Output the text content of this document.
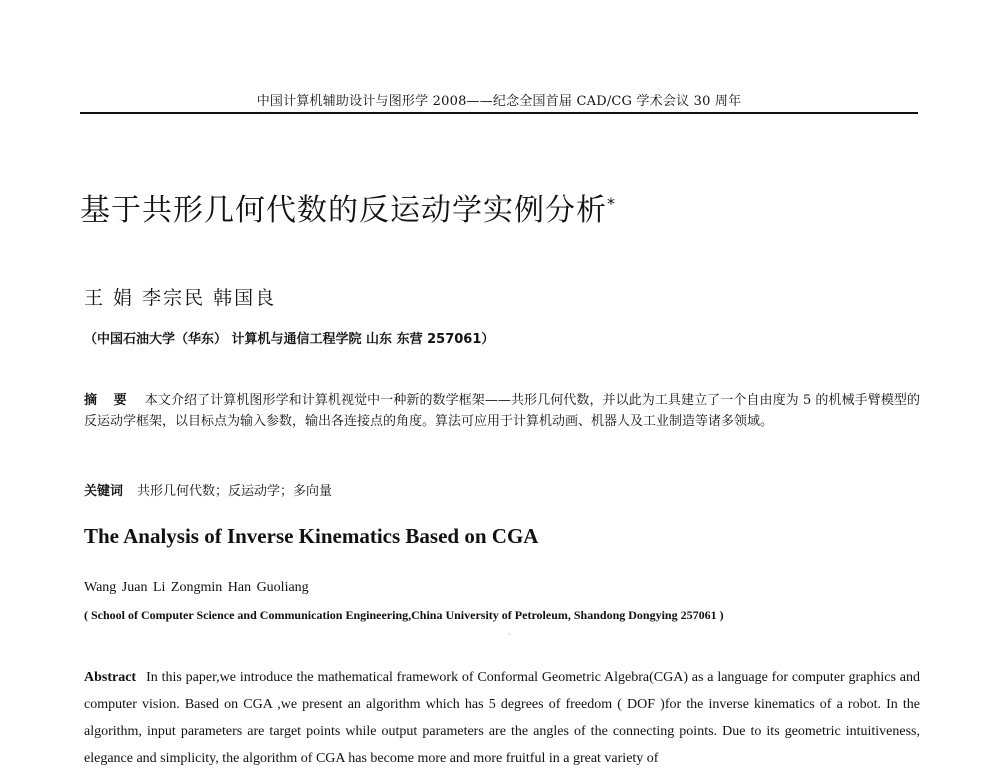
中国计算机辅助设计与图形学 2008——纪念全国首届 CAD/CG 学术会议 30 周年
基于共形几何代数的反运动学实例分析*
王 娟 李宗民 韩国良
（中国石油大学（华东） 计算机与通信工程学院 山东 东营 257061）
摘 要 本文介绍了计算机图形学和计算机视觉中一种新的数学框架——共形几何代数，并以此为工具建立了一个自由度为 5 的机械手臂模型的反运动学框架，以目标点为输入参数，输出各连接点的角度。算法可应用于计算机动画、机器人及工业制造等诸多领域。
关键词 共形几何代数；反运动学；多向量
The Analysis of Inverse Kinematics Based on CGA
Wang Juan Li Zongmin Han Guoliang
( School of Computer Science and Communication Engineering,China University of Petroleum, Shandong Dongying 257061 )
·
Abstract In this paper,we introduce the mathematical framework of Conformal Geometric Algebra(CGA) as a language for computer graphics and computer vision. Based on CGA ,we present an algorithm which has 5 degrees of freedom ( DOF )for the inverse kinematics of a robot. In the algorithm, input parameters are target points while output parameters are the angles of the connecting points. Due to its geometric intuitiveness, elegance and simplicity, the algorithm of CGA has become more and more fruitful in a great variety of
